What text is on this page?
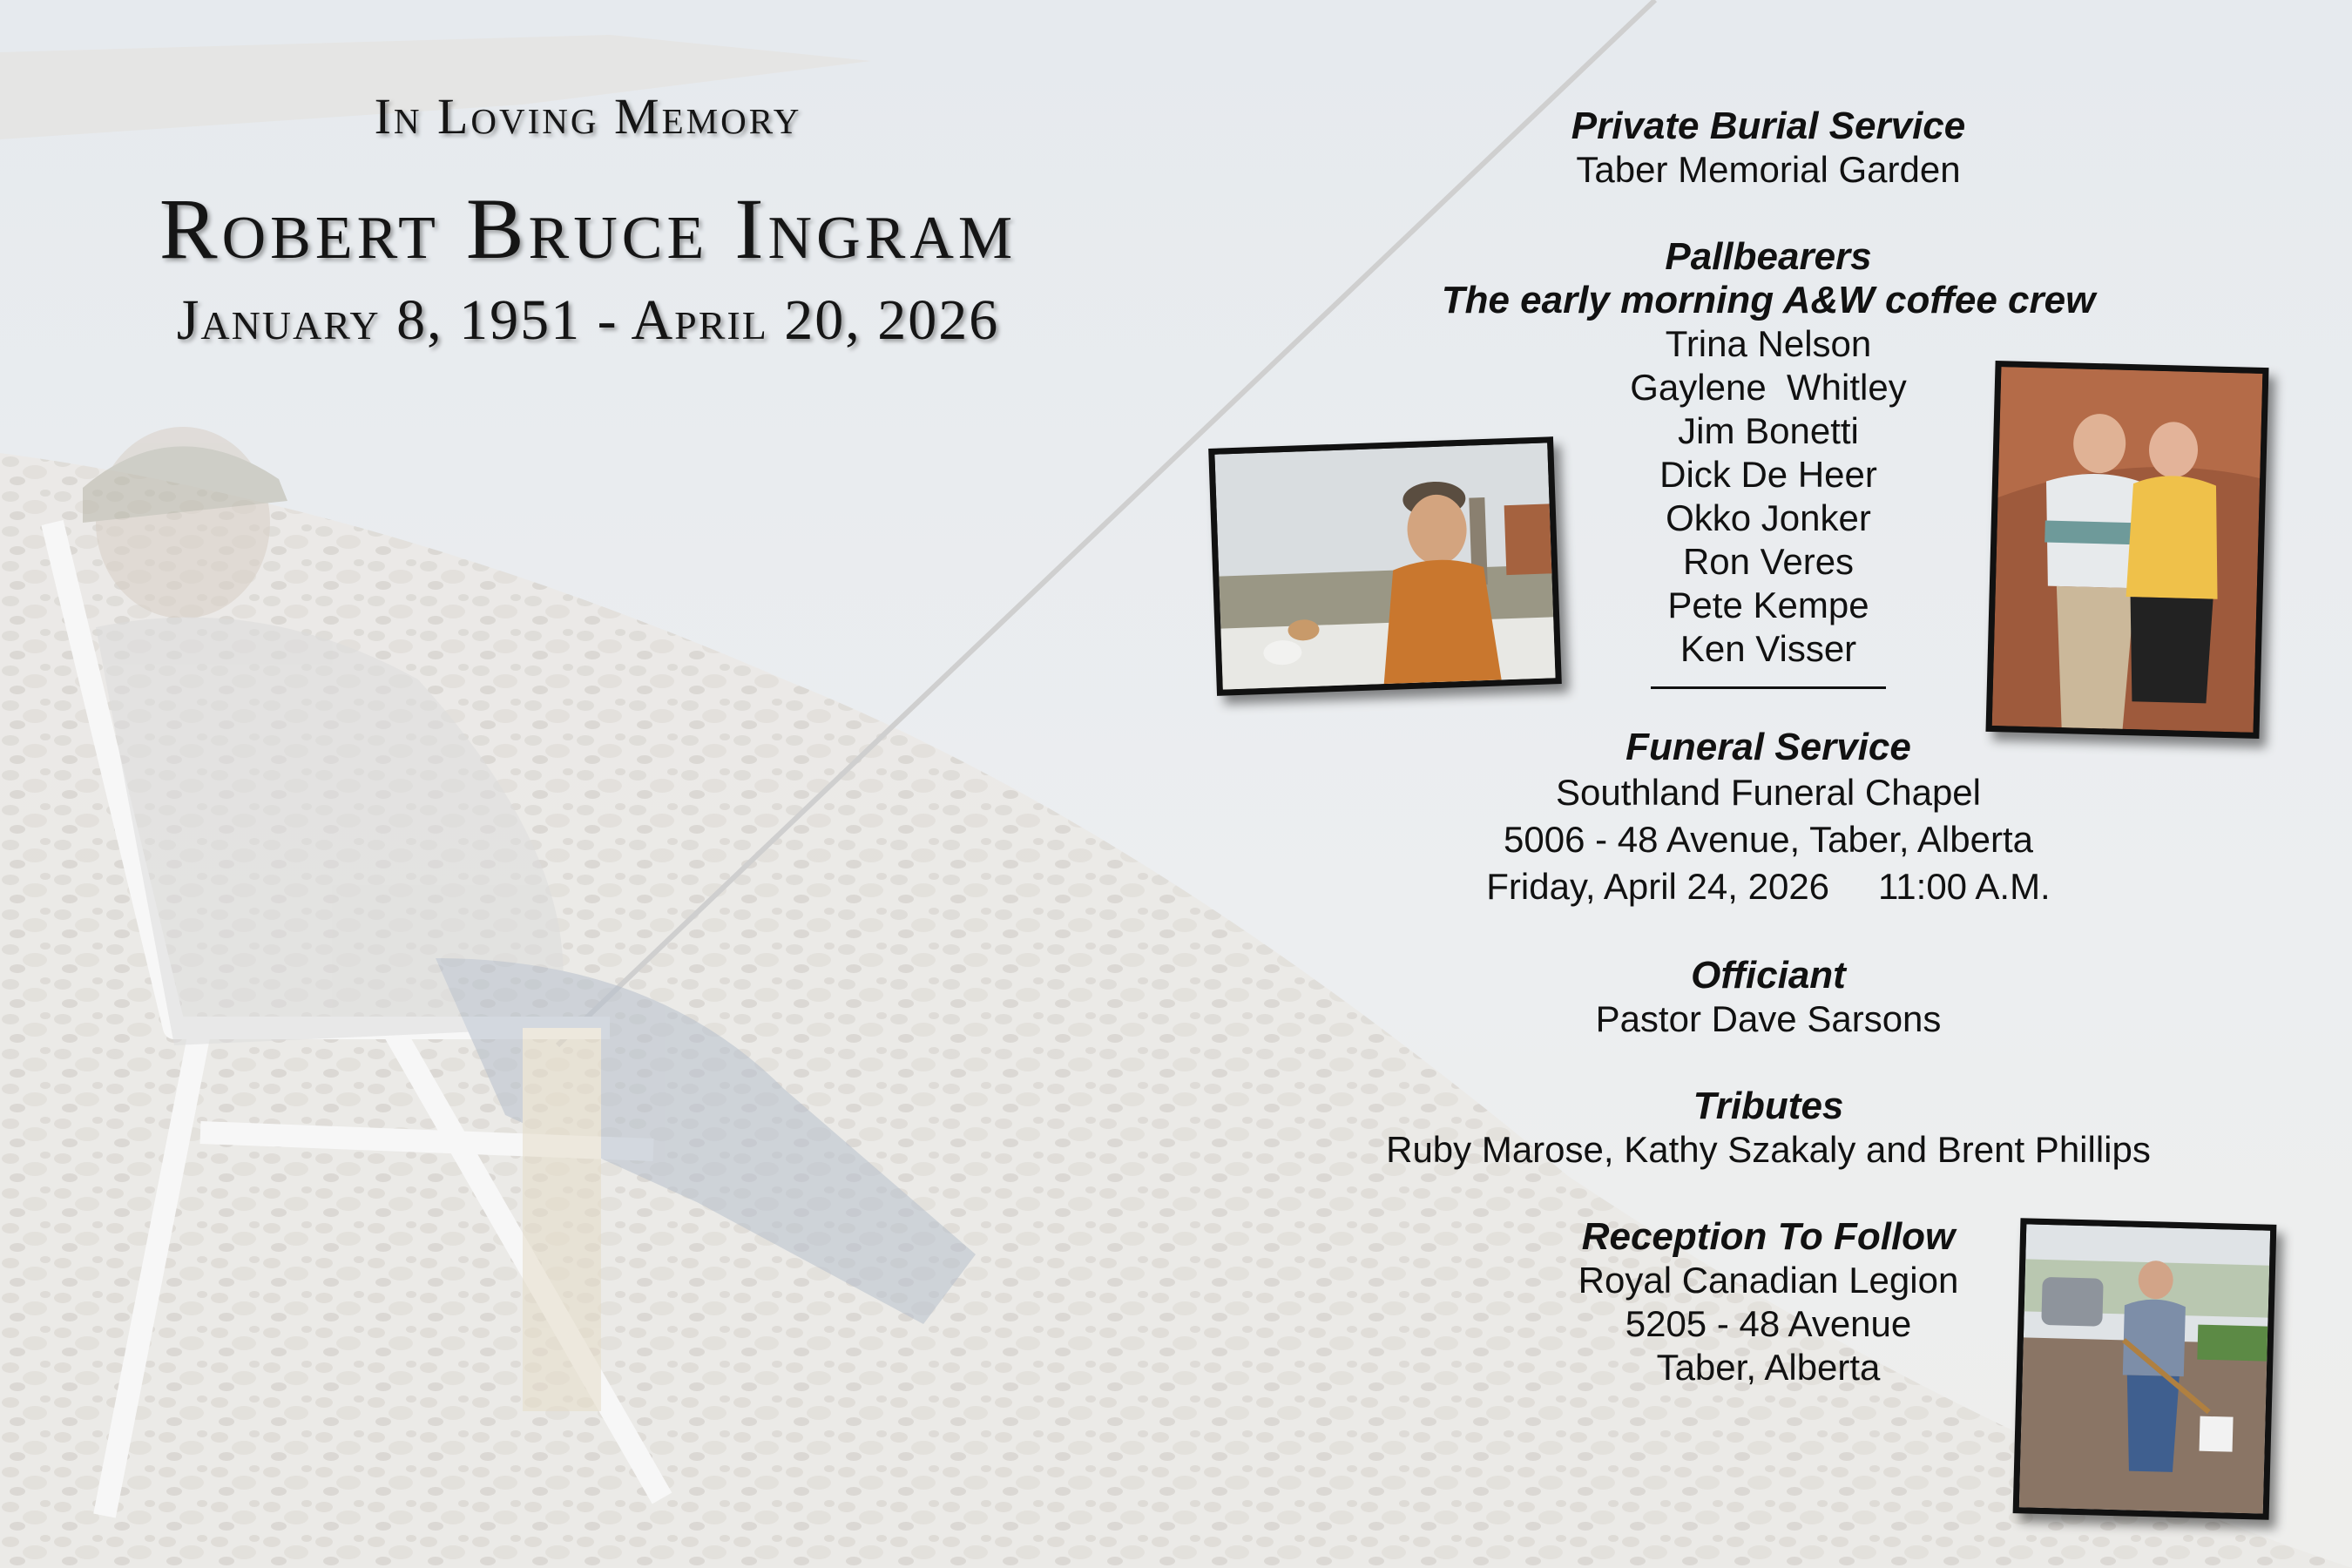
In Loving Memory
Robert Bruce Ingram
January 8, 1951 - April 20, 2026
Private Burial Service
Taber Memorial Garden
Pallbearers
The early morning A&W coffee crew
Trina Nelson
Gaylene  Whitley
Jim Bonetti
Dick De Heer
Okko Jonker
Ron Veres
Pete Kempe
Ken Visser
Funeral Service
Southland Funeral Chapel
5006 - 48 Avenue, Taber, Alberta
Friday, April 24, 2026 11:00 A.M.
Officiant
Pastor Dave Sarsons
Tributes
Ruby Marose, Kathy Szakaly and Brent Phillips
Reception To Follow
Royal Canadian Legion
5205 - 48 Avenue
Taber, Alberta
